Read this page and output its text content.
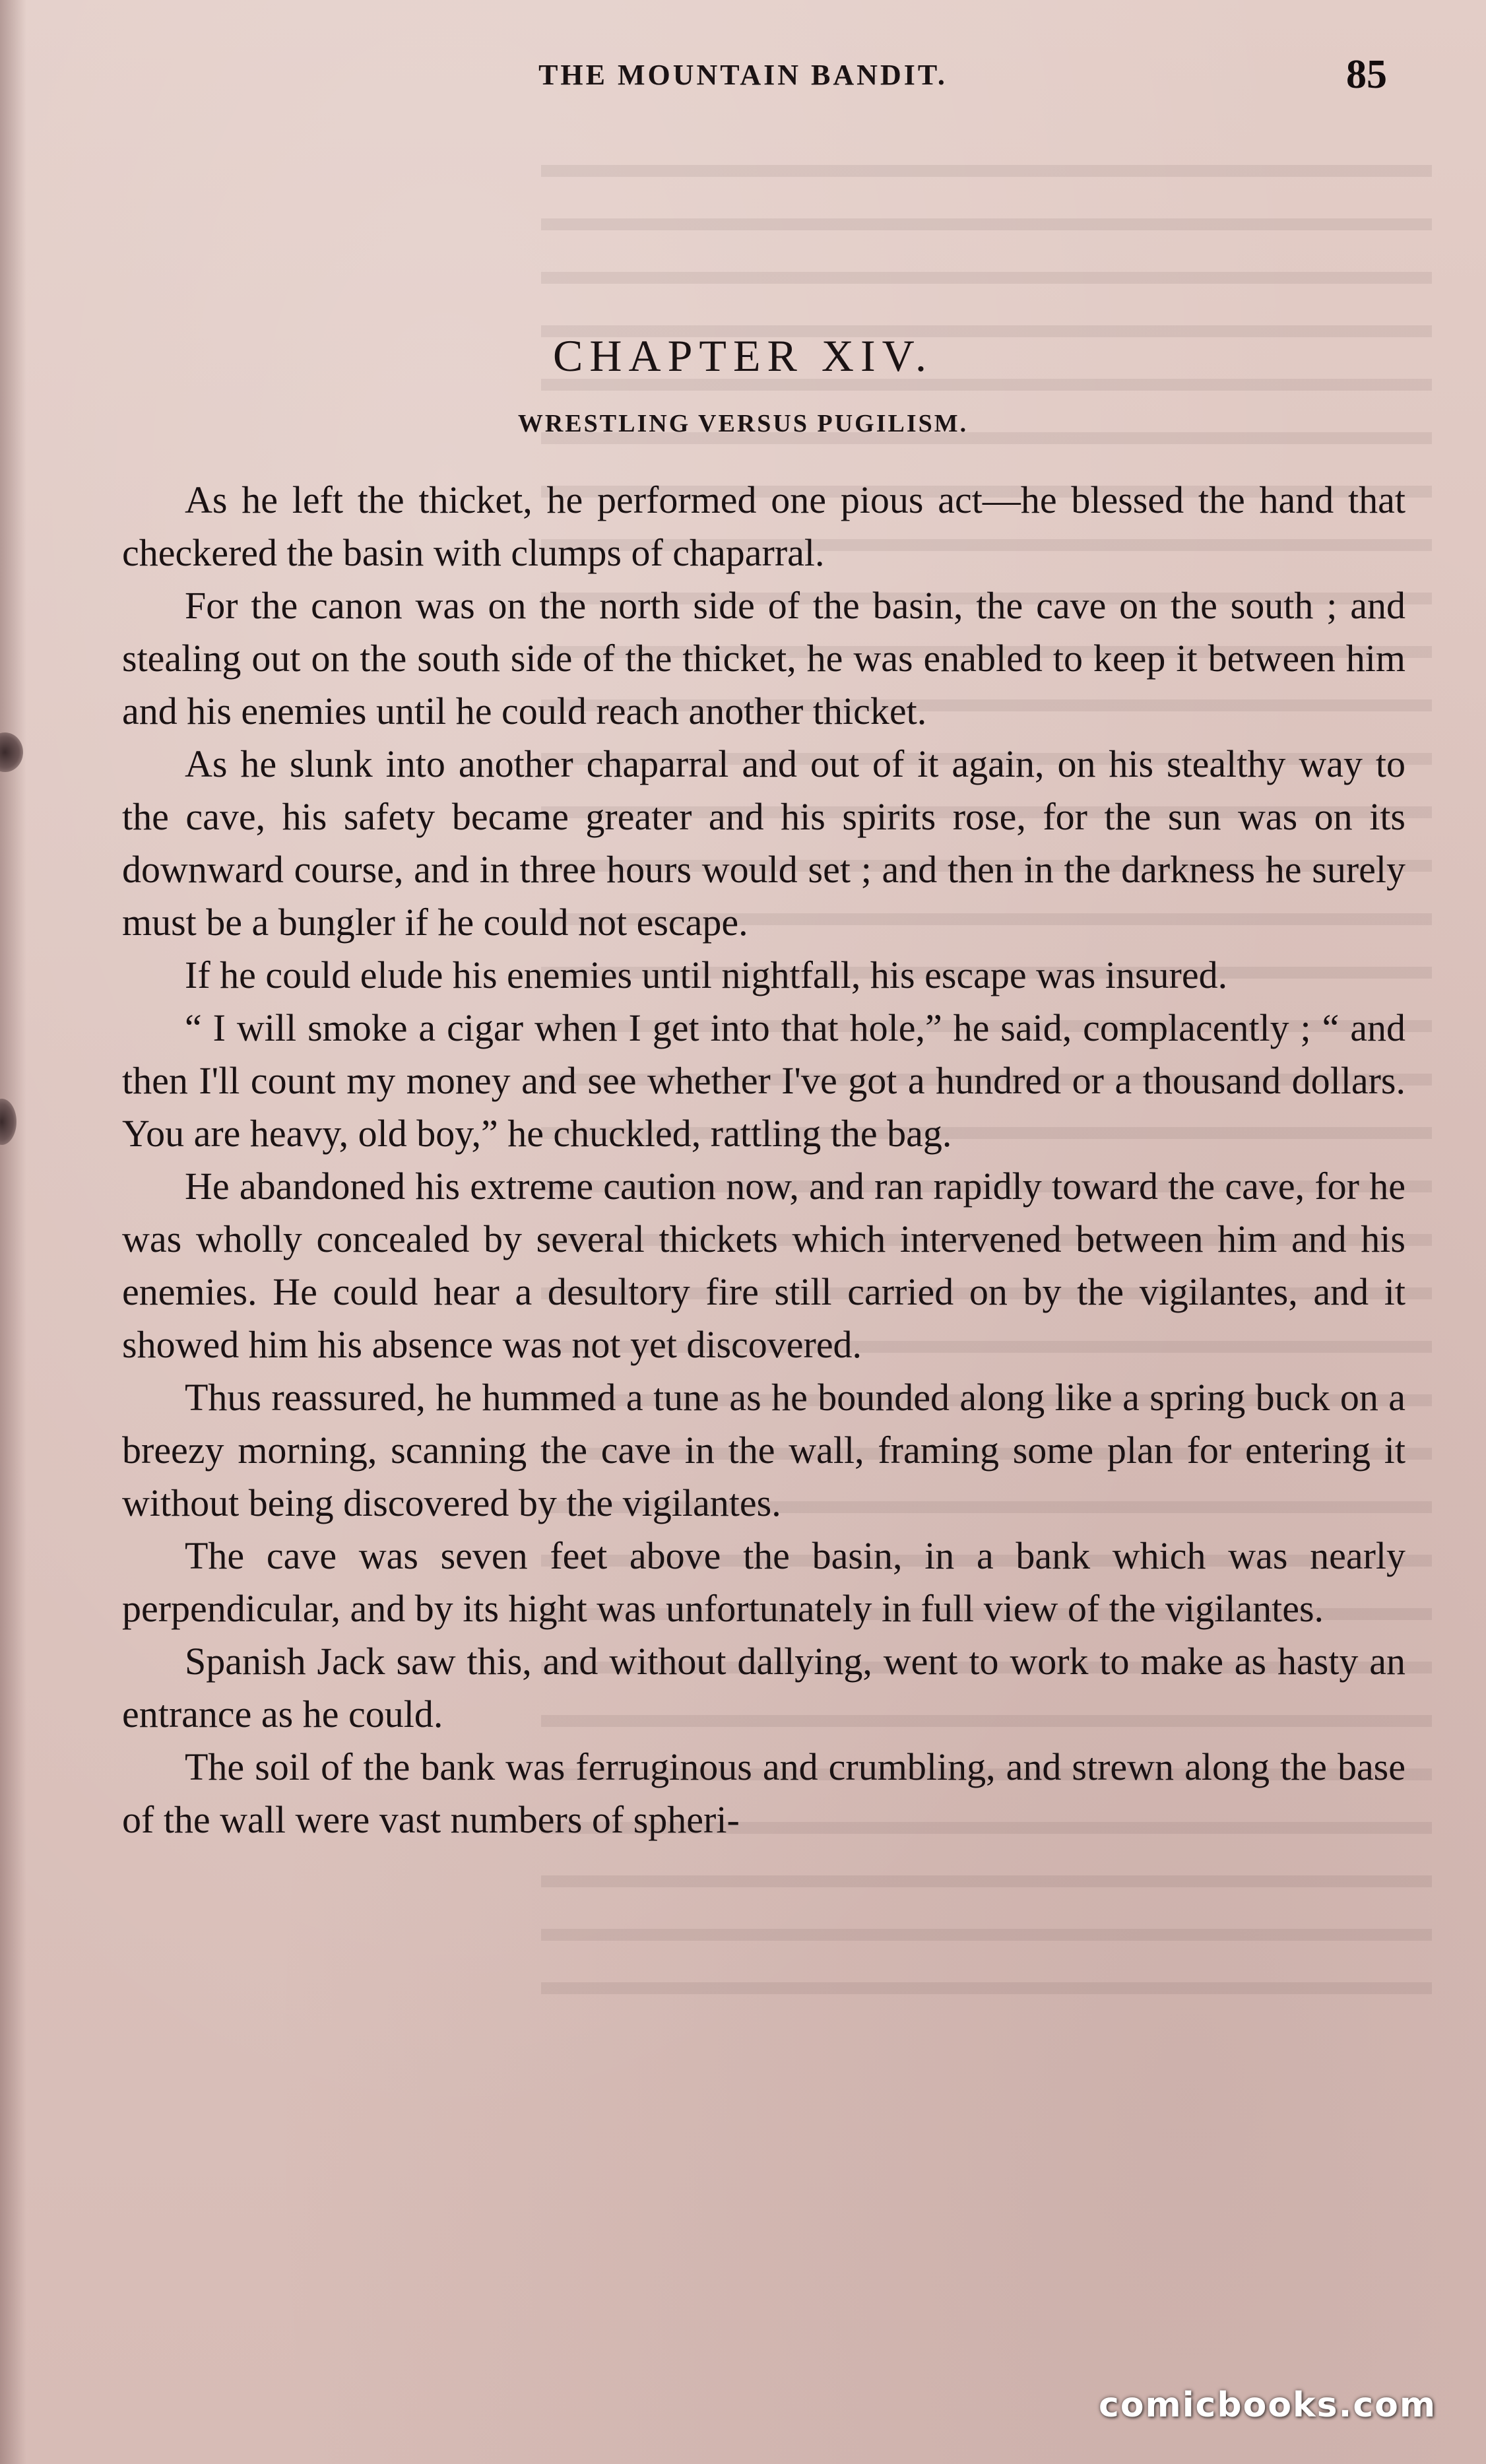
THE MOUNTAIN BANDIT.	85
CHAPTER XIV.
WRESTLING VERSUS PUGILISM.

As he left the thicket, he performed one pious act—he blessed the hand that checkered the basin with clumps of chaparral.

For the canon was on the north side of the basin, the cave on the south ; and stealing out on the south side of the thicket, he was enabled to keep it between him and his enemies until he could reach another thicket.

As he slunk into another chaparral and out of it again, on his stealthy way to the cave, his safety became greater and his spirits rose, for the sun was on its downward course, and in three hours would set ; and then in the darkness he surely must be a bungler if he could not escape.

If he could elude his enemies until nightfall, his escape was insured.

“ I will smoke a cigar when I get into that hole,” he said, complacently ; “ and then I'll count my money and see whether I've got a hundred or a thousand dollars. You are heavy, old boy,” he chuckled, rattling the bag.

He abandoned his extreme caution now, and ran rapidly toward the cave, for he was wholly concealed by several thickets which intervened between him and his enemies. He could hear a desultory fire still carried on by the vigilantes, and it showed him his absence was not yet discovered.

Thus reassured, he hummed a tune as he bounded along like a spring buck on a breezy morning, scanning the cave in the wall, framing some plan for entering it without being discovered by the vigilantes.

The cave was seven feet above the basin, in a bank which was nearly perpendicular, and by its hight was unfortunately in full view of the vigilantes.

Spanish Jack saw this, and without dallying, went to work to make as hasty an entrance as he could.

The soil of the bank was ferruginous and crumbling, and strewn along the base of the wall were vast numbers of spheri-

comicbooks.com
